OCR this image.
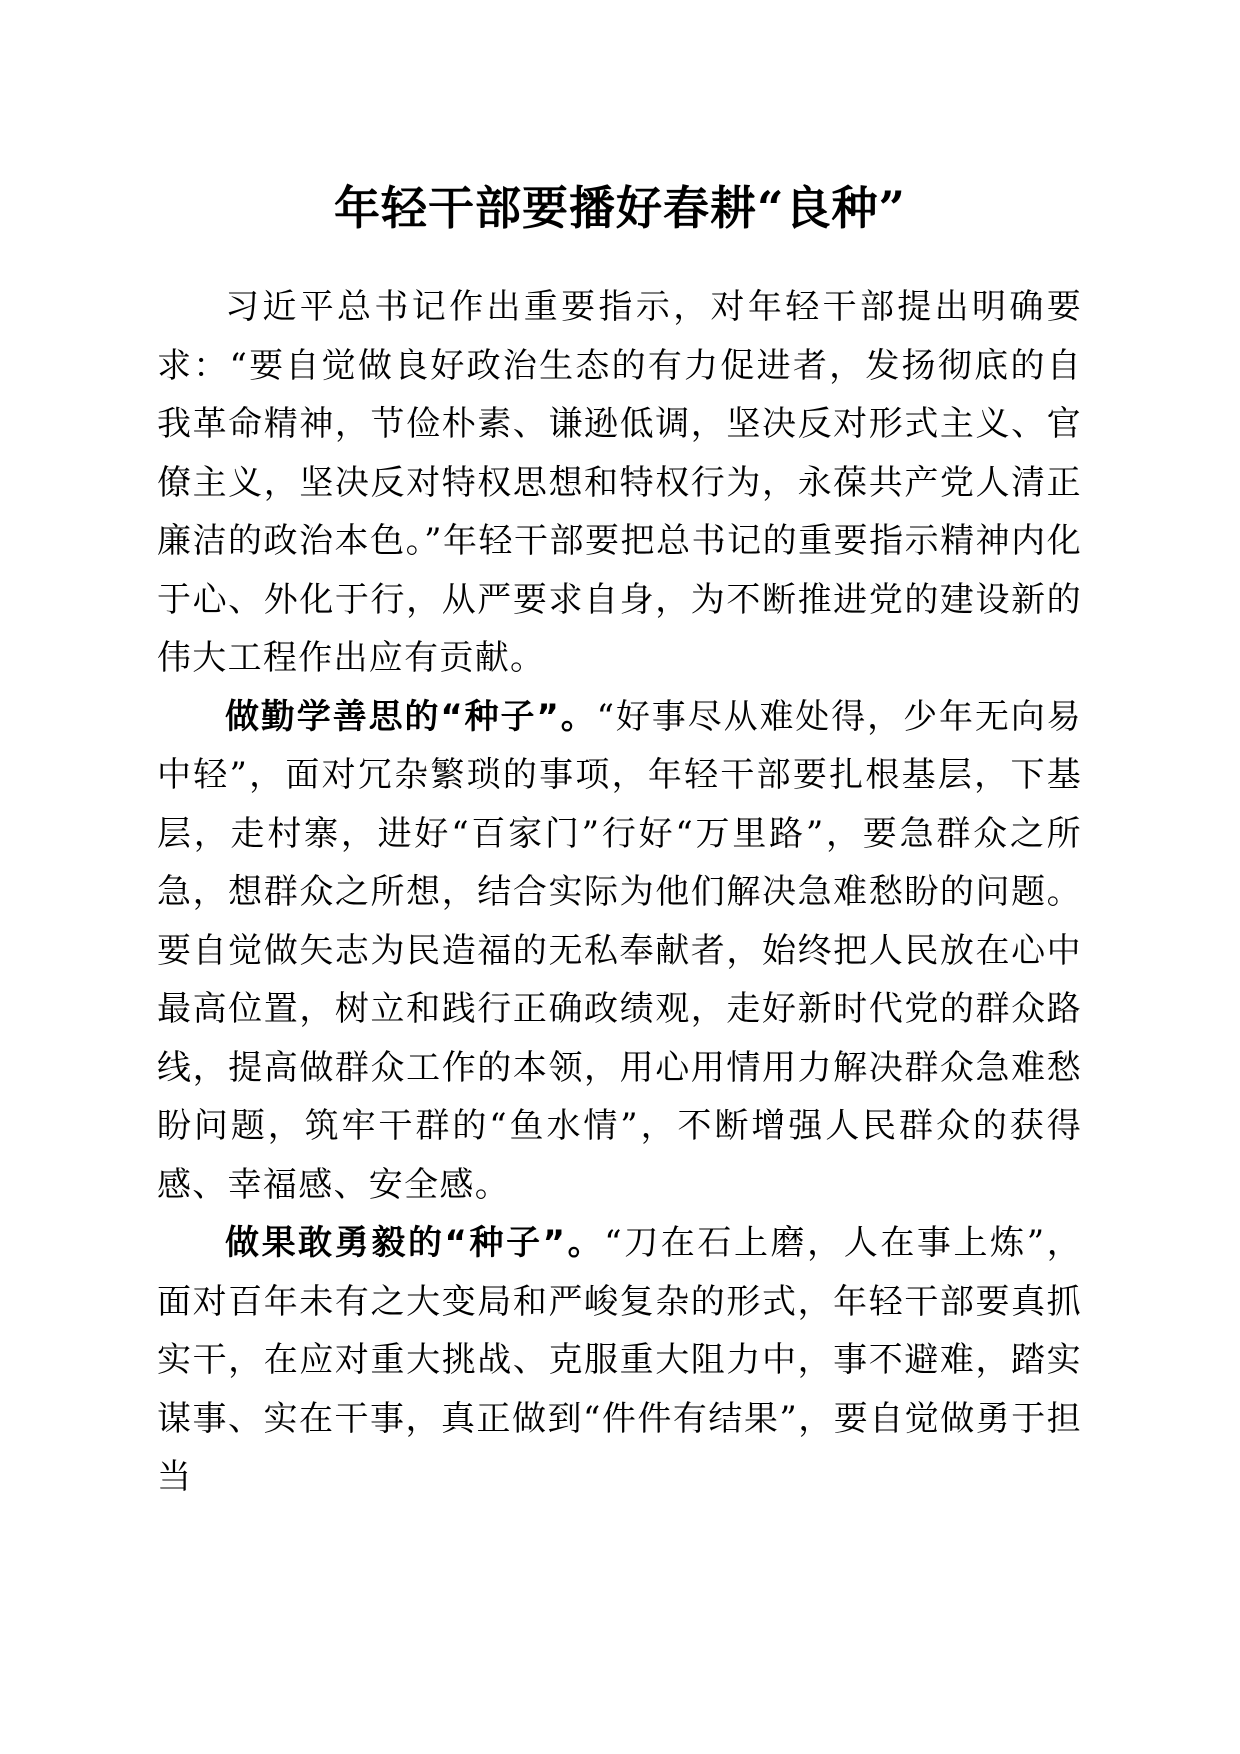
年轻干部要播好春耕“良种”

习近平总书记作出重要指示，对年轻干部提出明确要求：“要自觉做良好政治生态的有力促进者，发扬彻底的自我革命精神，节俭朴素、谦逊低调，坚决反对形式主义、官僚主义，坚决反对特权思想和特权行为，永葆共产党人清正廉洁的政治本色。”年轻干部要把总书记的重要指示精神内化于心、外化于行，从严要求自身，为不断推进党的建设新的伟大工程作出应有贡献。

做勤学善思的“种子”。“好事尽从难处得，少年无向易中轻”，面对冗杂繁琐的事项，年轻干部要扎根基层，下基层，走村寨，进好“百家门”行好“万里路”，要急群众之所急，想群众之所想，结合实际为他们解决急难愁盼的问题。要自觉做矢志为民造福的无私奉献者，始终把人民放在心中最高位置，树立和践行正确政绩观，走好新时代党的群众路线，提高做群众工作的本领，用心用情用力解决群众急难愁盼问题，筑牢干群的“鱼水情”，不断增强人民群众的获得感、幸福感、安全感。

做果敢勇毅的“种子”。“刀在石上磨，人在事上炼”，面对百年未有之大变局和严峻复杂的形式，年轻干部要真抓实干，在应对重大挑战、克服重大阻力中，事不避难，踏实谋事、实在干事，真正做到“件件有结果”，要自觉做勇于担当
